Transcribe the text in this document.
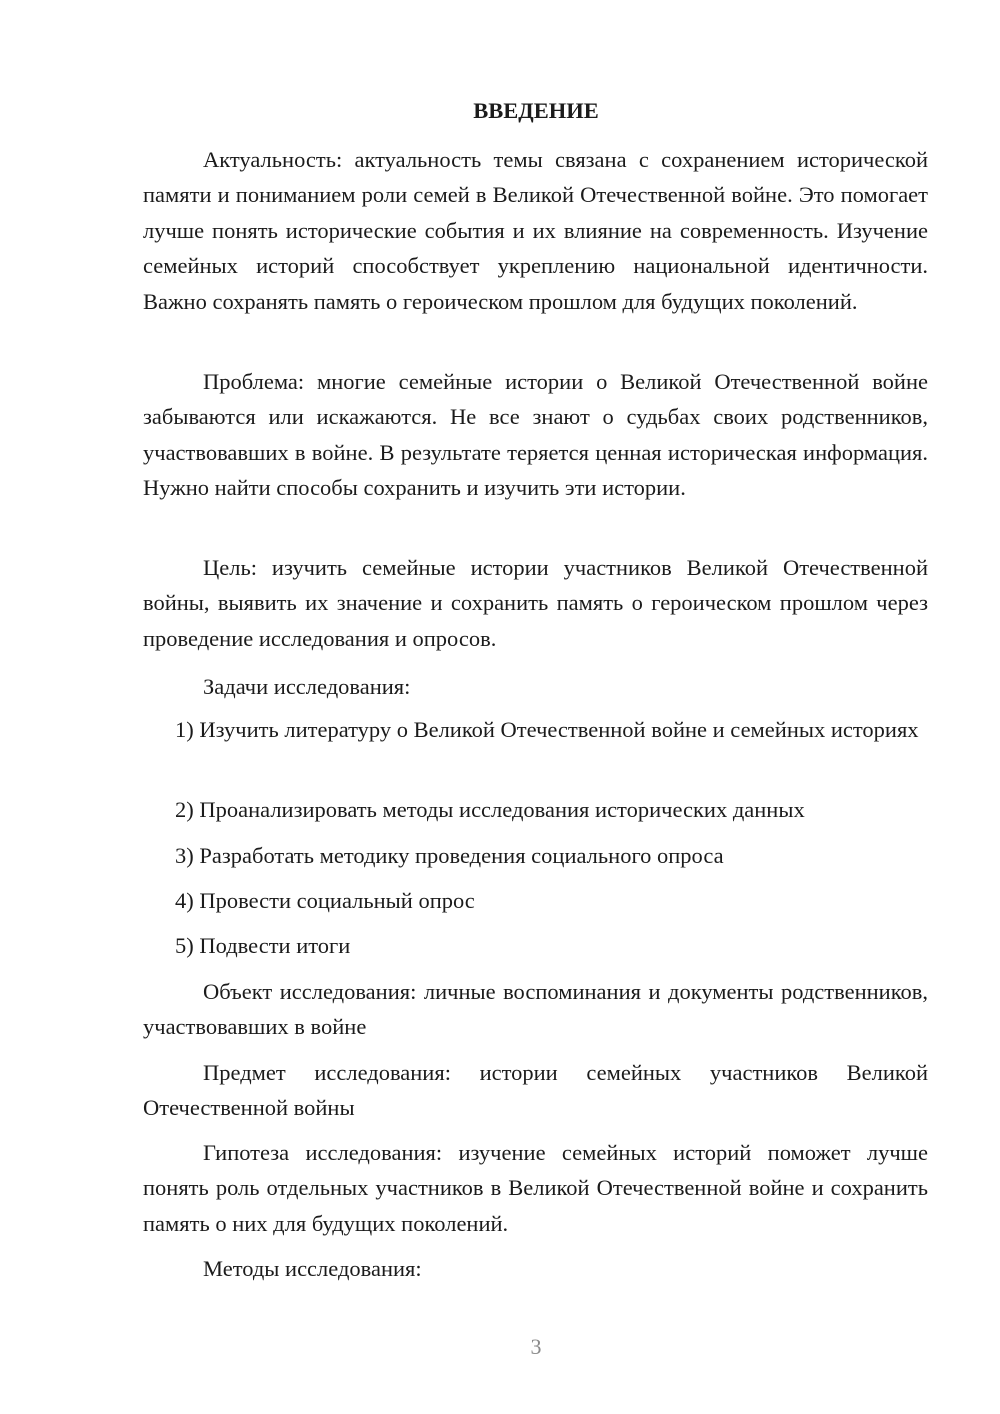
ВВЕДЕНИЕ

Актуальность: актуальность темы связана с сохранением исторической памяти и пониманием роли семей в Великой Отечественной войне. Это помогает лучше понять исторические события и их влияние на современность. Изучение семейных историй способствует укреплению национальной идентичности. Важно сохранять память о героическом прошлом для будущих поколений.

Проблема: многие семейные истории о Великой Отечественной войне забываются или искажаются. Не все знают о судьбах своих родственников, участвовавших в войне. В результате теряется ценная историческая информация. Нужно найти способы сохранить и изучить эти истории.

Цель: изучить семейные истории участников Великой Отечественной войны, выявить их значение и сохранить память о героическом прошлом через проведение исследования и опросов.

Задачи исследования:

1) Изучить литературу о Великой Отечественной войне и семейных историях

2) Проанализировать методы исследования исторических данных

3) Разработать методику проведения социального опроса

4) Провести социальный опрос

5) Подвести итоги

Объект исследования: личные воспоминания и документы родственников, участвовавших в войне

Предмет исследования: истории семейных участников Великой Отечественной войны

Гипотеза исследования: изучение семейных историй поможет лучше понять роль отдельных участников в Великой Отечественной войне и сохранить память о них для будущих поколений.

Методы исследования:

3
